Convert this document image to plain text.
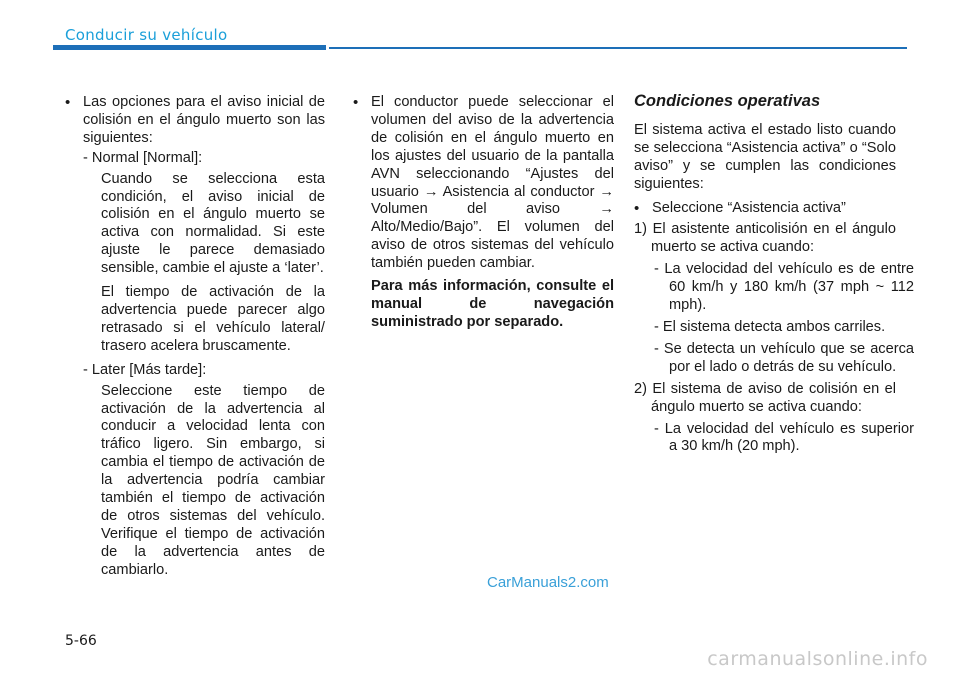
Conducir su vehículo
• Las opciones para el aviso inicial de colisión en el ángulo muerto son las siguientes:

- Normal [Normal]:

Cuando se selecciona esta condición, el aviso inicial de colisión en el ángulo muerto se activa con normalidad. Si este ajuste le parece demasiado sensible, cambie el ajuste a ‘later’.

El tiempo de activación de la advertencia puede parecer algo retrasado si el vehículo lateral/ trasero acelera bruscamente.

- Later [Más tarde]:

Seleccione este tiempo de activación de la advertencia al conducir a velocidad lenta con tráfico ligero. Sin embargo, si cambia el tiempo de activación de la advertencia podría cambiar también el tiempo de activación de otros sistemas del vehículo. Verifique el tiempo de activación de la advertencia antes de cambiarlo.

• El conductor puede seleccionar el volumen del aviso de la advertencia de colisión en el ángulo muerto en los ajustes del usuario de la pantalla AVN seleccionando “Ajustes del usuario → Asistencia al conductor → Volumen del aviso → Alto/Medio/Bajo”. El volumen del aviso de otros sistemas del vehículo también pueden cambiar.

Para más información, consulte el manual de navegación suministrado por separado.

Condiciones operativas

El sistema activa el estado listo cuando se selecciona “Asistencia activa” o “Solo aviso” y se cumplen las condiciones siguientes:

• Seleccione “Asistencia activa”

1) El asistente anticolisión en el ángulo muerto se activa cuando:

- La velocidad del vehículo es de entre 60 km/h y 180 km/h (37 mph ~ 112 mph).

- El sistema detecta ambos carriles.

- Se detecta un vehículo que se acerca por el lado o detrás de su vehículo.

2) El sistema de aviso de colisión en el ángulo muerto se activa cuando:

- La velocidad del vehículo es superior a 30 km/h (20 mph).

CarManuals2.com
5-66
carmanualsonline.info
